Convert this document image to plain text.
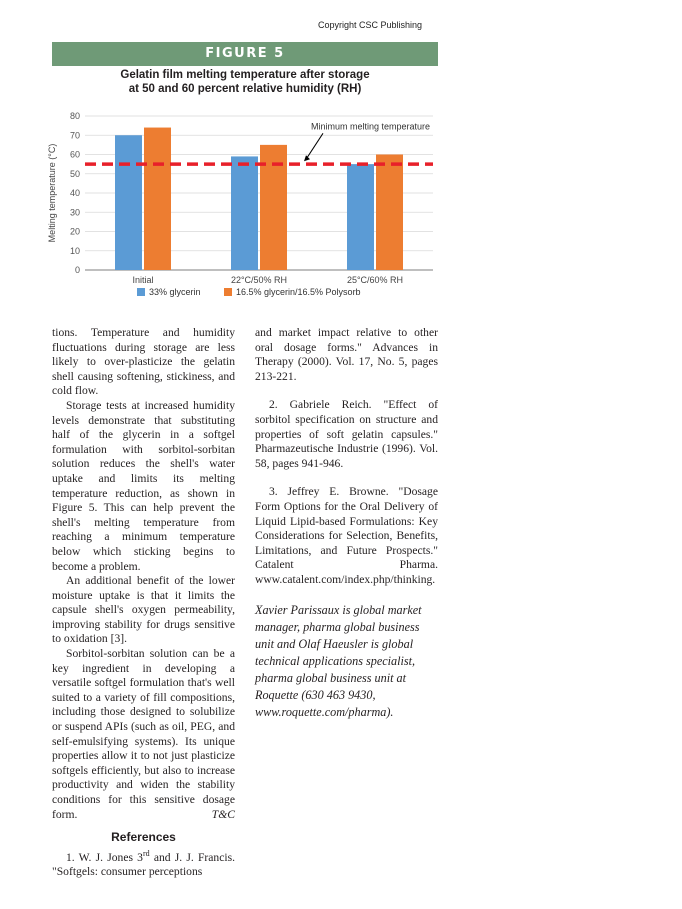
Copyright CSC Publishing
FIGURE 5
Gelatin film melting temperature after storage
at 50 and 60 percent relative humidity (RH)
0
10
20
30
40
50
60
70
80
Melting temperature (°C)
Initial	22°C/50% RH	25°C/60% RH
Minimum melting temperature
33% glycerin	16.5% glycerin/16.5% Polysorb

tions. Temperature and humidity fluctuations during storage are less likely to over-plasticize the gelatin shell causing softening, stickiness, and cold flow.

Storage tests at increased humidity levels demonstrate that substituting half of the glycerin in a softgel formulation with sorbitol-sorbitan solution reduces the shell's water uptake and limits its melting temperature reduction, as shown in Figure 5. This can help prevent the shell's melting temperature from reaching a minimum temperature below which sticking begins to become a problem.

An additional benefit of the lower moisture uptake is that it limits the capsule shell's oxygen permeability, improving stability for drugs sensitive to oxidation [3].

Sorbitol-sorbitan solution can be a key ingredient in developing a versatile softgel formulation that's well suited to a variety of fill compositions, including those designed to solubilize or suspend APIs (such as oil, PEG, and self-emulsifying systems). Its unique properties allow it to not just plasticize softgels efficiently, but also to increase productivity and widen the stability conditions for this sensitive dosage form.	T&C

References

1. W. J. Jones 3rd and J. J. Francis. "Softgels: consumer perceptions

and market impact relative to other oral dosage forms." Advances in Therapy (2000). Vol. 17, No. 5, pages 213-221.

2. Gabriele Reich. "Effect of sorbitol specification on structure and properties of soft gelatin capsules." Pharmazeutische Industrie (1996). Vol. 58, pages 941-946.

3. Jeffrey E. Browne. "Dosage Form Options for the Oral Delivery of Liquid Lipid-based Formulations: Key Considerations for Selection, Benefits, Limitations, and Future Prospects." Catalent Pharma. www.catalent.com/index.php/thinking.

Xavier Parissaux is global market manager, pharma global business unit and Olaf Haeusler is global technical applications specialist, pharma global business unit at Roquette (630 463 9430, www.roquette.com/pharma).
